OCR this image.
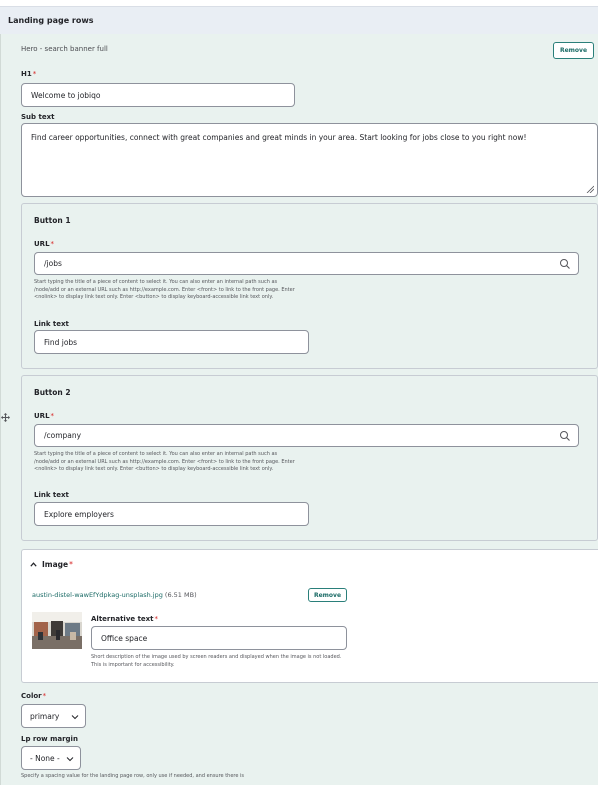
Landing page rows
Hero - search banner full	Remove
H1*
Welcome to jobiqo
Sub text
Find career opportunities, connect with great companies and great minds in your area. Start looking for jobs close to you right now!
Button 1
URL*
/jobs
Start typing the title of a piece of content to select it. You can also enter an internal path such as /node/add or an external URL such as http://example.com. Enter <front> to link to the front page. Enter <nolink> to display link text only. Enter <button> to display keyboard-accessible link text only.
Link text
Find jobs
Button 2
URL*
/company
Start typing the title of a piece of content to select it. You can also enter an internal path such as /node/add or an external URL such as http://example.com. Enter <front> to link to the front page. Enter <nolink> to display link text only. Enter <button> to display keyboard-accessible link text only.
Link text
Explore employers
Image*
austin-distel-wawEfYdpkag-unsplash.jpg (6.51 MB)	Remove
Alternative text*
Office space
Short description of the image used by screen readers and displayed when the image is not loaded. This is important for accessibility.
Color*
primary
Lp row margin
- None -
Specify a spacing value for the landing page row, only use if needed, and ensure there is
